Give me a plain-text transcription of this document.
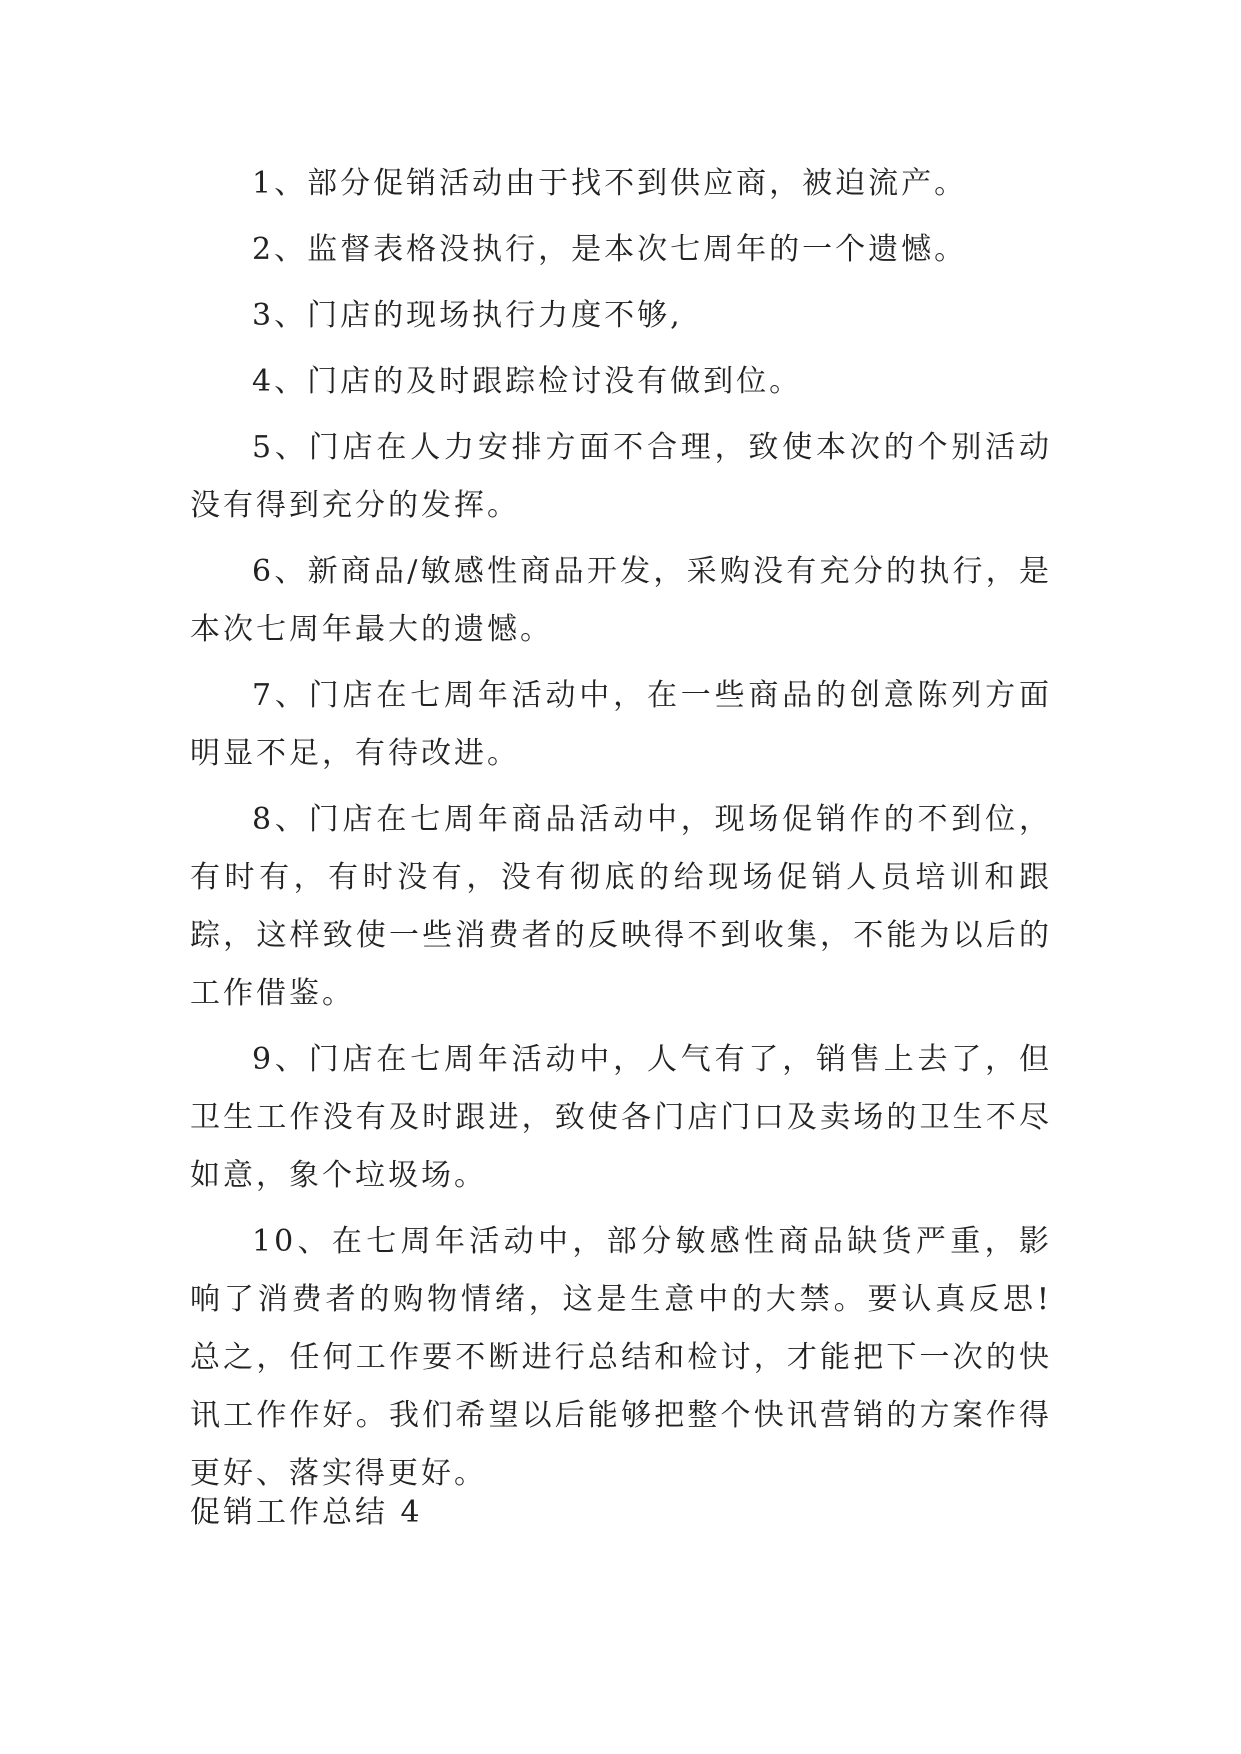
1、部分促销活动由于找不到供应商，被迫流产。

2、监督表格没执行，是本次七周年的一个遗憾。

3、门店的现场执行力度不够,

4、门店的及时跟踪检讨没有做到位。

5、门店在人力安排方面不合理，致使本次的个别活动没有得到充分的发挥。

6、新商品/敏感性商品开发，采购没有充分的执行，是本次七周年最大的遗憾。

7、门店在七周年活动中，在一些商品的创意陈列方面明显不足，有待改进。

8、门店在七周年商品活动中，现场促销作的不到位，有时有，有时没有，没有彻底的给现场促销人员培训和跟踪，这样致使一些消费者的反映得不到收集，不能为以后的工作借鉴。

9、门店在七周年活动中，人气有了，销售上去了，但卫生工作没有及时跟进，致使各门店门口及卖场的卫生不尽如意，象个垃圾场。

10、在七周年活动中，部分敏感性商品缺货严重，影响了消费者的购物情绪，这是生意中的大禁。要认真反思!总之，任何工作要不断进行总结和检讨，才能把下一次的快讯工作作好。我们希望以后能够把整个快讯营销的方案作得更好、落实得更好。

促销工作总结 4
